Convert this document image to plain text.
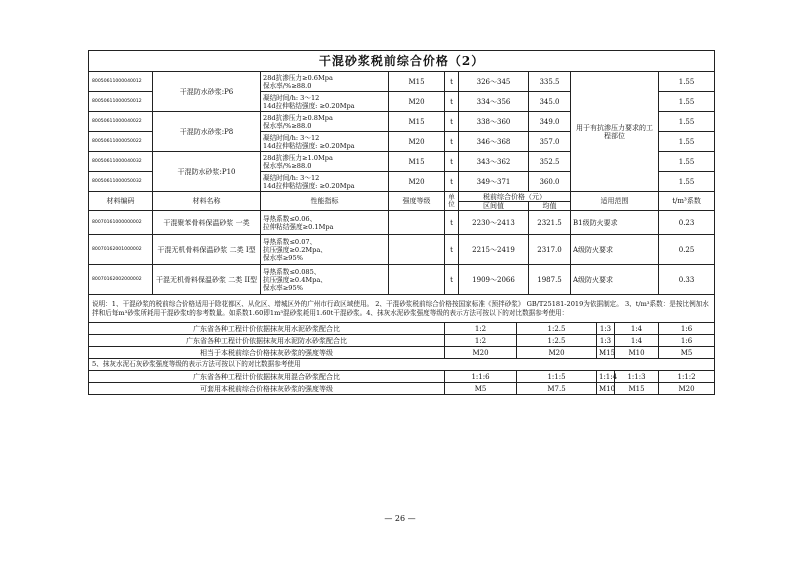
干混砂浆税前综合价格（2）											
80050611000040012	干混防水砂浆:P6	28d抗渗压力≥0.6Mpa
保水率/%≥88.0	M15	t	326～345		335.5	用于有抗渗压力要求的工程部位			1.55
80050611000050012		凝结时间/h: 3～12
14d拉伸粘结强度: ≥0.20Mpa	M20	t	334～356		345.0				1.55
80050611000040022	干混防水砂浆:P8	28d抗渗压力≥0.8Mpa
保水率/%≥88.0	M15	t	338～360		349.0				1.55
80050611000050022		凝结时间/h: 3～12
14d拉伸粘结强度: ≥0.20Mpa	M20	t	346～368		357.0				1.55
80050611000040032	干混防水砂浆:P10	28d抗渗压力≥1.0Mpa
保水率/%≥88.0	M15	t	343～362		352.5				1.55
80050611000050032		凝结时间/h: 3～12
14d拉伸粘结强度: ≥0.20Mpa	M20	t	349～371		360.0				1.55
材料编码	材料名称	性能指标	强度等级	单位	税前综合价格（元）			适用范围			t/m³系数
					区间值		均值				
80070161000000002	干混聚苯骨料保温砂浆 一类	导热系数≤0.06、
拉伸粘结强度≥0.1Mpa		t	2230～2413		2321.5	B1级防火要求			0.23
80070162001000002	干混无机骨料保温砂浆 二类 I型	导热系数≤0.07、
抗压强度≥0.2Mpa、
保水率≥95%		t	2215～2419		2317.0	A级防火要求			0.25
80070162002000002	干混无机骨料保温砂浆 二类 II型	导热系数≤0.085、
抗压强度≥0.4Mpa、
保水率≥95%		t	1909～2066		1987.5	A级防火要求			0.33
说明：1、干混砂浆的税前综合价格适用于除花都区、从化区、增城区外的广州市行政区域使用。 2、干混砂浆税前综合价格按国家标准《预拌砂浆》 GB/T25181-2019为依据制定。 3、t/m³系数：是按比例加水拌和后每m³砂浆所耗用干混砂浆t的参考数量。如系数1.60即1m³混砂浆耗用1.60t干混砂浆。4、抹灰水泥砂浆强度等级的表示方法可按以下的对比数据参考使用：											
广东省各种工程计价依据抹灰用水泥砂浆配合比				1:2		1:2.5			1:3	1:4	1:6
广东省各种工程计价依据抹灰用水泥防水砂浆配合比				1:2		1:2.5			1:3	1:4	1:6
相当于本税前综合价格抹灰砂浆的强度等级				M20		M20			M15	M10	M5
5、抹灰水泥石灰砂浆强度等级的表示方法可按以下的对比数据参考使用											
广东省各种工程计价依据抹灰用混合砂浆配合比				1:1:6		1:1:5			1:1:4	1:1:3	1:1:2
可套用本税前综合价格抹灰砂浆的强度等级				M5		M7.5			M10	M15	M20
— 26 —
